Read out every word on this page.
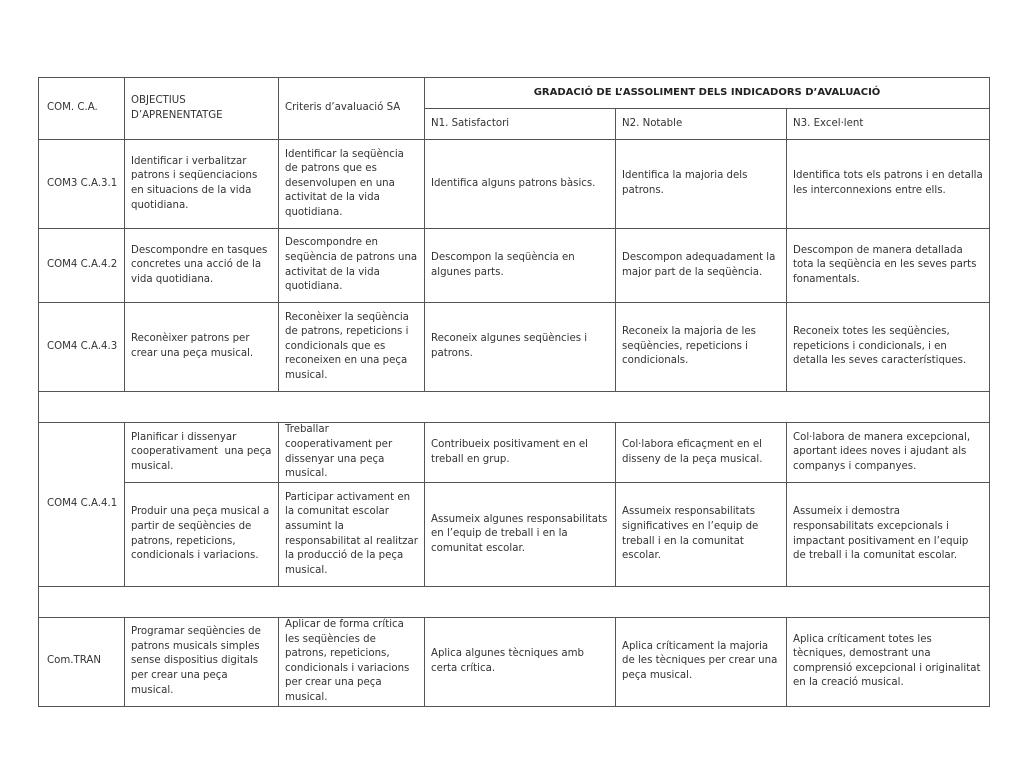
COM. C.A.	OBJECTIUS D’APRENENTATGE	Criteris d’avaluació SA	GRADACIÓ DE L’ASSOLIMENT DELS INDICADORS D’AVALUACIÓ		
			N1. Satisfactori	N2. Notable	N3. Excel·lent
COM3 C.A.3.1	Identificar i verbalitzar patrons i seqüenciacions en situacions de la vida quotidiana.	Identificar la seqüència de patrons que es desenvolupen en una activitat de la vida quotidiana.	Identifica alguns patrons bàsics.	Identifica la majoria dels patrons.	Identifica tots els patrons i en detalla les interconnexions entre ells.
COM4 C.A.4.2	Descompondre en tasques concretes una acció de la vida quotidiana.	Descompondre en seqüència de patrons una activitat de la vida quotidiana.	Descompon la seqüència en algunes parts.	Descompon adequadament la major part de la seqüència.	Descompon de manera detallada tota la seqüència en les seves parts fonamentals.
COM4 C.A.4.3	Reconèixer patrons per crear una peça musical.	Reconèixer la seqüència de patrons, repeticions i condicionals que es reconeixen en una peça musical.	Reconeix algunes seqüències i patrons.	Reconeix la majoria de les seqüències, repeticions i condicionals.	Reconeix totes les seqüències, repeticions i condicionals, i en detalla les seves característiques.

COM4 C.A.4.1	Planificar i dissenyar cooperativament  una peça musical.	Treballar cooperativament per dissenyar una peça musical.	Contribueix positivament en el treball en grup.	Col·labora eficaçment en el disseny de la peça musical.	Col·labora de manera excepcional, aportant idees noves i ajudant als companys i companyes.
	Produir una peça musical a partir de seqüències de patrons, repeticions, condicionals i variacions.	Participar activament en la comunitat escolar assumint la responsabilitat al realitzar la producció de la peça musical.	Assumeix algunes responsabilitats en l’equip de treball i en la comunitat escolar.	Assumeix responsabilitats significatives en l’equip de treball i en la comunitat escolar.	Assumeix i demostra responsabilitats excepcionals i impactant positivament en l’equip de treball i la comunitat escolar.

Com.TRAN	Programar seqüències de patrons musicals simples sense dispositius digitals per crear una peça musical.	Aplicar de forma crítica les seqüències de patrons, repeticions, condicionals i variacions per crear una peça musical.	Aplica algunes tècniques amb certa crítica.	Aplica críticament la majoria de les tècniques per crear una peça musical.	Aplica críticament totes les tècniques, demostrant una comprensió excepcional i originalitat en la creació musical.
